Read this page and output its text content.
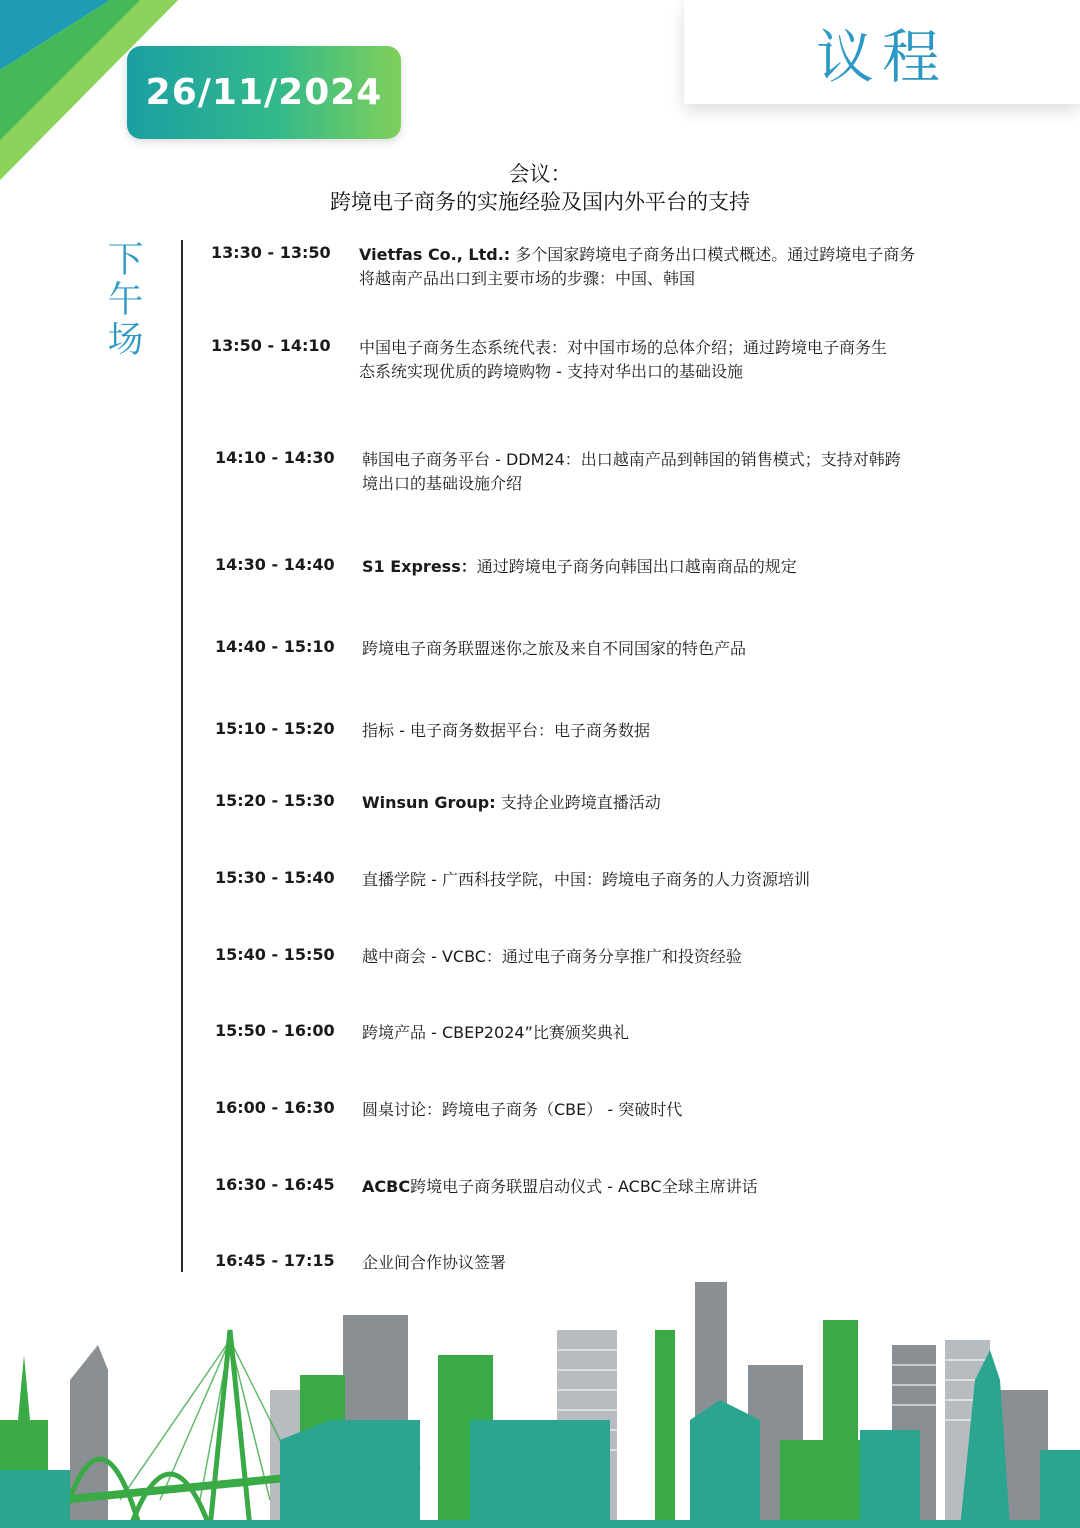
26/11/2024
议程
会议：
跨境电子商务的实施经验及国内外平台的支持
下午场	13:30 - 13:50	Vietfas Co., Ltd.: 多个国家跨境电子商务出口模式概述。通过跨境电子商务
将越南产品出口到主要市场的步骤：中国、韩国
13:50 - 14:10	中国电子商务生态系统代表：对中国市场的总体介绍；通过跨境电子商务生
态系统实现优质的跨境购物 - 支持对华出口的基础设施
14:10 - 14:30	韩国电子商务平台 - DDM24：出口越南产品到韩国的销售模式；支持对韩跨
境出口的基础设施介绍
14:30 - 14:40	S1 Express：通过跨境电子商务向韩国出口越南商品的规定
14:40 - 15:10	跨境电子商务联盟迷你之旅及来自不同国家的特色产品
15:10 - 15:20	指标 - 电子商务数据平台：电子商务数据
15:20 - 15:30	Winsun Group: 支持企业跨境直播活动
15:30 - 15:40	直播学院 - 广西科技学院，中国：跨境电子商务的人力资源培训
15:40 - 15:50	越中商会 - VCBC：通过电子商务分享推广和投资经验
15:50 - 16:00	跨境产品 - CBEP2024”比赛颁奖典礼
16:00 - 16:30	圆桌讨论：跨境电子商务（CBE） - 突破时代
16:30 - 16:45	ACBC跨境电子商务联盟启动仪式 - ACBC全球主席讲话
16:45 - 17:15	企业间合作协议签署
